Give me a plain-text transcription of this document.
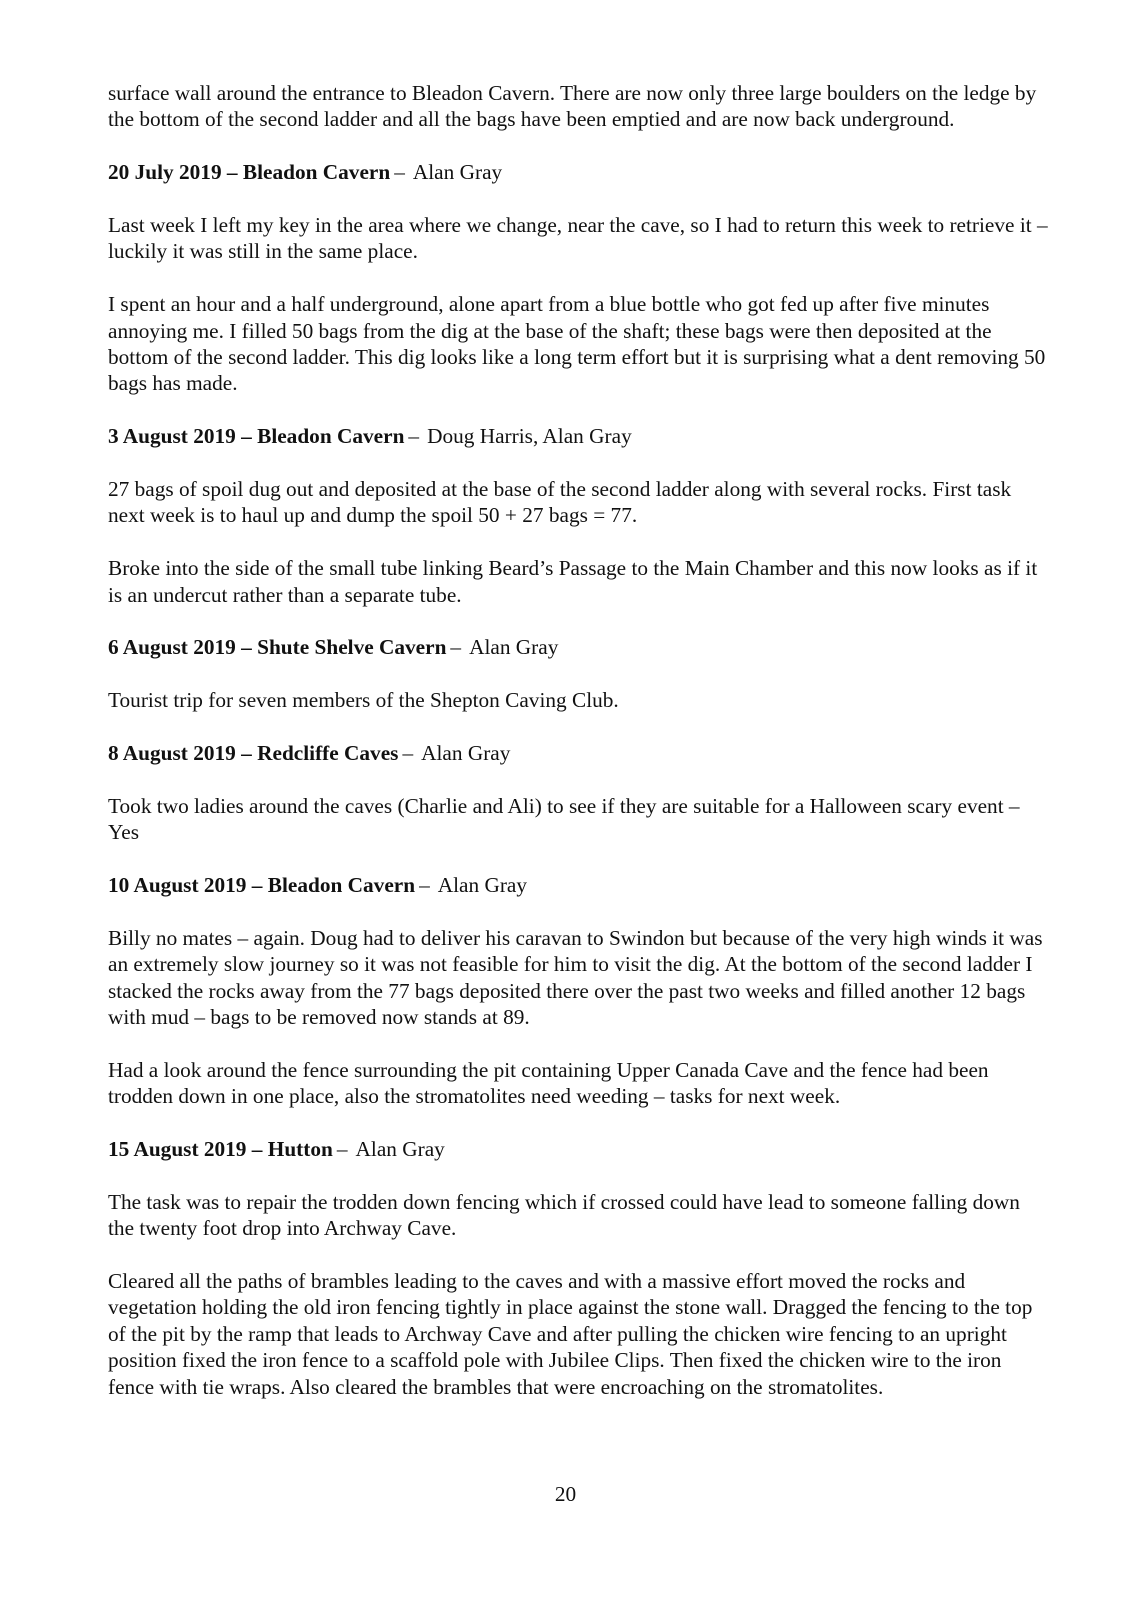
surface wall around the entrance to Bleadon Cavern. There are now only three large boulders on the ledge by the bottom of the second ladder and all the bags have been emptied and are now back underground.

20 July 2019 – Bleadon Cavern – Alan Gray

Last week I left my key in the area where we change, near the cave, so I had to return this week to retrieve it – luckily it was still in the same place.

I spent an hour and a half underground, alone apart from a blue bottle who got fed up after five minutes annoying me. I filled 50 bags from the dig at the base of the shaft; these bags were then deposited at the bottom of the second ladder. This dig looks like a long term effort but it is surprising what a dent removing 50 bags has made.

3 August 2019 – Bleadon Cavern – Doug Harris, Alan Gray

27 bags of spoil dug out and deposited at the base of the second ladder along with several rocks. First task next week is to haul up and dump the spoil 50 + 27 bags = 77.

Broke into the side of the small tube linking Beard’s Passage to the Main Chamber and this now looks as if it is an undercut rather than a separate tube.

6 August 2019 – Shute Shelve Cavern – Alan Gray

Tourist trip for seven members of the Shepton Caving Club.

8 August 2019 – Redcliffe Caves – Alan Gray

Took two ladies around the caves (Charlie and Ali) to see if they are suitable for a Halloween scary event – Yes

10 August 2019 – Bleadon Cavern – Alan Gray

Billy no mates – again. Doug had to deliver his caravan to Swindon but because of the very high winds it was an extremely slow journey so it was not feasible for him to visit the dig. At the bottom of the second ladder I stacked the rocks away from the 77 bags deposited there over the past two weeks and filled another 12 bags with mud – bags to be removed now stands at 89.

Had a look around the fence surrounding the pit containing Upper Canada Cave and the fence had been trodden down in one place, also the stromatolites need weeding – tasks for next week.

15 August 2019 – Hutton – Alan Gray

The task was to repair the trodden down fencing which if crossed could have lead to someone falling down the twenty foot drop into Archway Cave.

Cleared all the paths of brambles leading to the caves and with a massive effort moved the rocks and vegetation holding the old iron fencing tightly in place against the stone wall. Dragged the fencing to the top of the pit by the ramp that leads to Archway Cave and after pulling the chicken wire fencing to an upright position fixed the iron fence to a scaffold pole with Jubilee Clips. Then fixed the chicken wire to the iron fence with tie wraps. Also cleared the brambles that were encroaching on the stromatolites.

20
